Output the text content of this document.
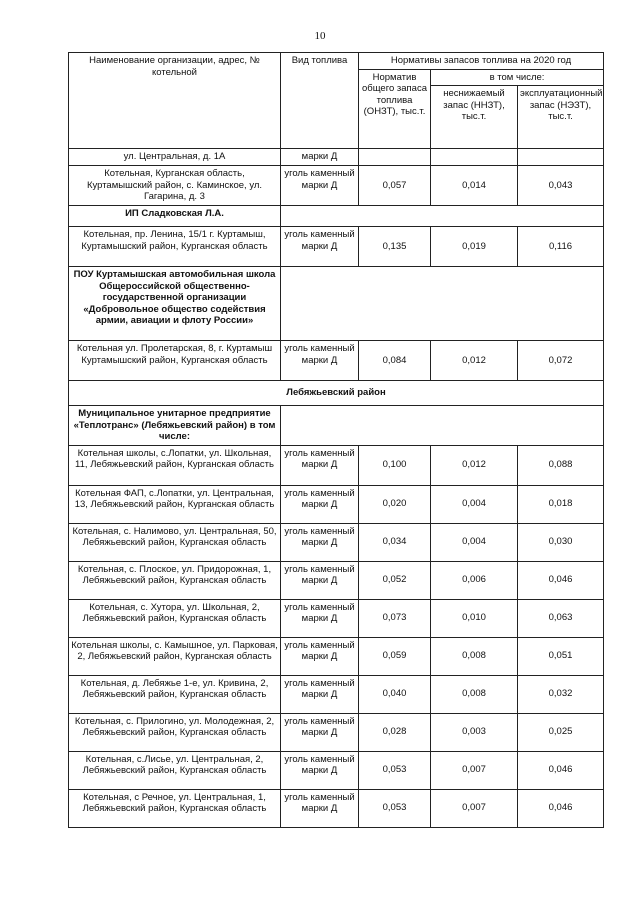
10
Наименование организации, адрес, № котельной	Вид топлива	Нормативы запасов топлива на 2020 год		
		Норматив общего запаса топлива (ОНЗТ), тыс.т.	в том числе:	
			неснижаемый запас (ННЗТ), тыс.т.	эксплуатационный запас (НЭЗТ), тыс.т.
ул. Центральная, д. 1А	марки Д			
Котельная, Курганская область, Куртамышский район, с. Каминское, ул. Гагарина, д. 3	уголь каменный марки Д	0,057	0,014	0,043
ИП Сладковская Л.А.				
Котельная, пр. Ленина, 15/1 г. Куртамыш, Куртамышский район, Курганская область	уголь каменный марки Д	0,135	0,019	0,116
ПОУ Куртамышская автомобильная школа Общероссийской общественно- государственной организации «Добровольное общество содействия армии, авиации и флоту России»				
Котельная ул. Пролетарская, 8, г. Куртамыш Куртамышский район, Курганская область	уголь каменный марки Д	0,084	0,012	0,072
Лебяжьевский район				
Муниципальное унитарное предприятие «Теплотранс» (Лебяжьевский район) в том числе:				
Котельная школы, с.Лопатки, ул. Школьная, 11, Лебяжьевский район, Курганская область	уголь каменный марки Д	0,100	0,012	0,088
Котельная ФАП, с.Лопатки, ул. Центральная, 13, Лебяжьевский район, Курганская область	уголь каменный марки Д	0,020	0,004	0,018
Котельная, с. Налимово, ул. Центральная, 50, Лебяжьевский район, Курганская область	уголь каменный марки Д	0,034	0,004	0,030
Котельная, с. Плоское, ул. Придорожная, 1, Лебяжьевский район, Курганская область	уголь каменный марки Д	0,052	0,006	0,046
Котельная, с. Хутора, ул. Школьная, 2, Лебяжьевский район, Курганская область	уголь каменный марки Д	0,073	0,010	0,063
Котельная школы, с. Камышное, ул. Парковая, 2, Лебяжьевский район, Курганская область	уголь каменный марки Д	0,059	0,008	0,051
Котельная, д. Лебяжье 1-е, ул. Кривина, 2, Лебяжьевский район, Курганская область	уголь каменный марки Д	0,040	0,008	0,032
Котельная, с. Прилогино, ул. Молодежная, 2, Лебяжьевский район, Курганская область	уголь каменный марки Д	0,028	0,003	0,025
Котельная, с.Лисье, ул. Центральная, 2, Лебяжьевский район, Курганская область	уголь каменный марки Д	0,053	0,007	0,046
Котельная, с Речное, ул. Центральная, 1, Лебяжьевский район, Курганская область	уголь каменный марки Д	0,053	0,007	0,046
